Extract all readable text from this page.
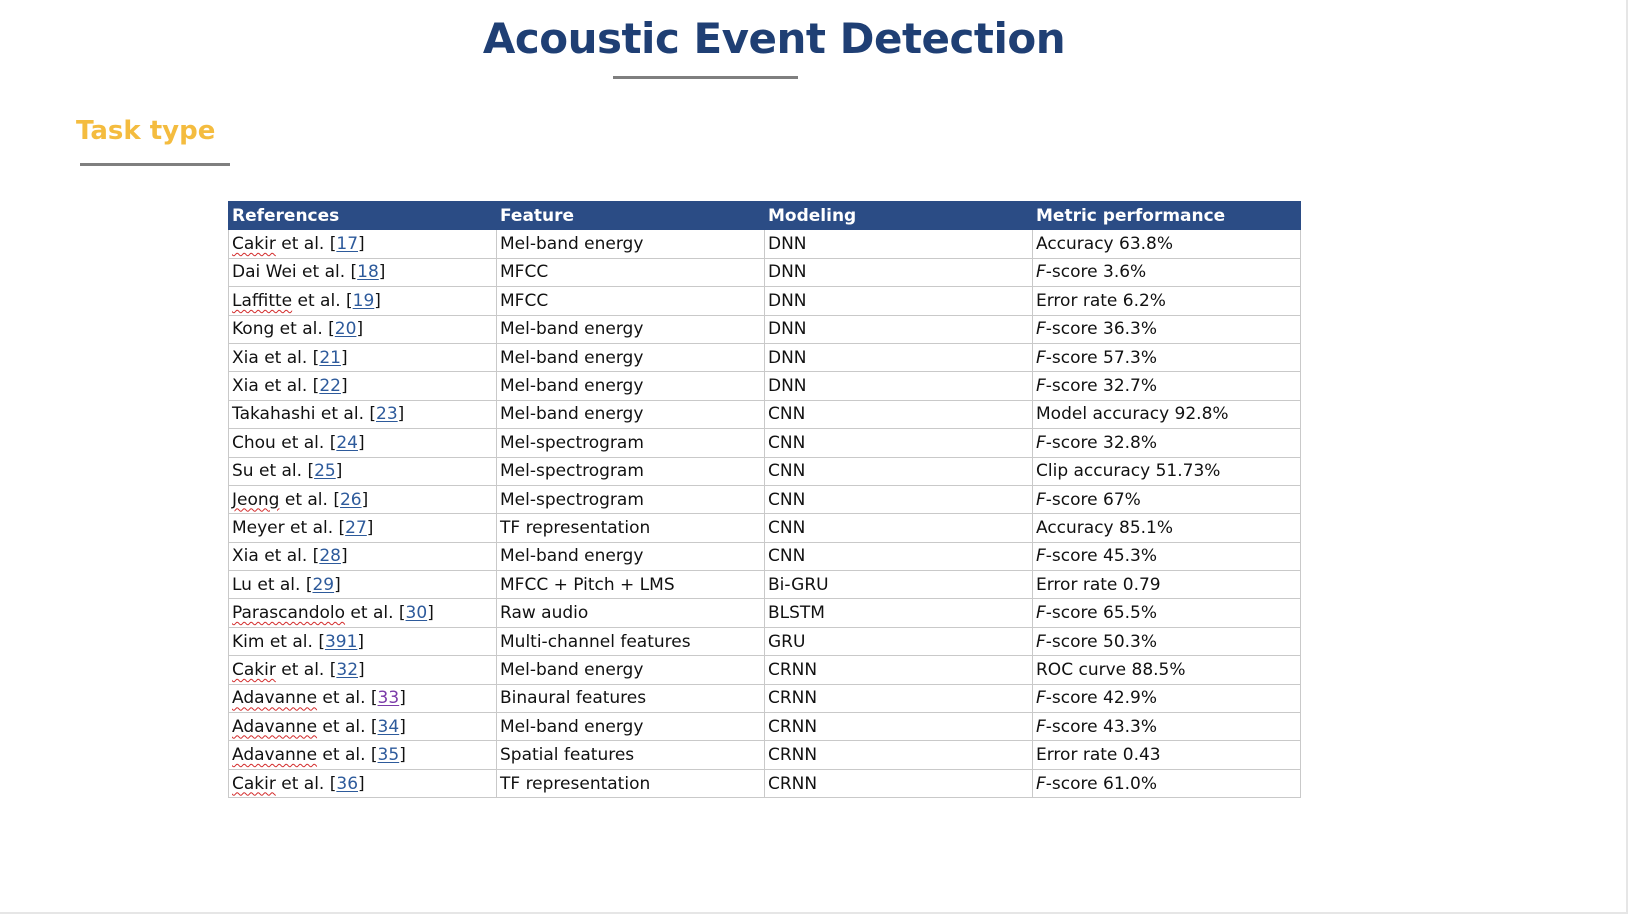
Acoustic Event Detection
Task type
References	Feature	Modeling	Metric performance
Cakir et al. [17]	Mel-band energy	DNN	Accuracy 63.8%
Dai Wei et al. [18]	MFCC	DNN	F-score 3.6%
Laffitte et al. [19]	MFCC	DNN	Error rate 6.2%
Kong et al. [20]	Mel-band energy	DNN	F-score 36.3%
Xia et al. [21]	Mel-band energy	DNN	F-score 57.3%
Xia et al. [22]	Mel-band energy	DNN	F-score 32.7%
Takahashi et al. [23]	Mel-band energy	CNN	Model accuracy 92.8%
Chou et al. [24]	Mel-spectrogram	CNN	F-score 32.8%
Su et al. [25]	Mel-spectrogram	CNN	Clip accuracy 51.73%
Jeong et al. [26]	Mel-spectrogram	CNN	F-score 67%
Meyer et al. [27]	TF representation	CNN	Accuracy 85.1%
Xia et al. [28]	Mel-band energy	CNN	F-score 45.3%
Lu et al. [29]	MFCC + Pitch + LMS	Bi-GRU	Error rate 0.79
Parascandolo et al. [30]	Raw audio	BLSTM	F-score 65.5%
Kim et al. [391]	Multi-channel features	GRU	F-score 50.3%
Cakir et al. [32]	Mel-band energy	CRNN	ROC curve 88.5%
Adavanne et al. [33]	Binaural features	CRNN	F-score 42.9%
Adavanne et al. [34]	Mel-band energy	CRNN	F-score 43.3%
Adavanne et al. [35]	Spatial features	CRNN	Error rate 0.43
Cakir et al. [36]	TF representation	CRNN	F-score 61.0%
